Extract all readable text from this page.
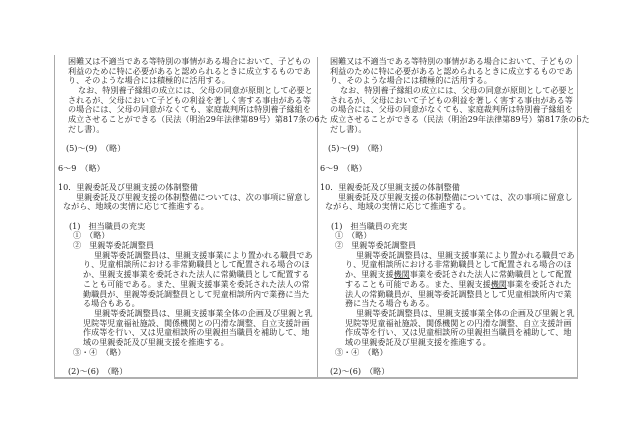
困難又は不適当である等特別の事情がある場合において、子どもの
利益のために特に必要があると認められるときに成立するものであ
り、そのような場合には積極的に活用する。
なお、特別養子縁組の成立には、父母の同意が原則として必要と
されるが、父母において子どもの利益を著しく害する事由がある等
の場合には、父母の同意がなくても、家庭裁判所は特別養子縁組を
成立させることができる（民法（明治29年法律第89号）第817条の6た
だし書）。
(5)～(9)　（略）
6～9　（略）
10．里親委託及び里親支援の体制整備
里親委託及び里親支援の体制整備については、次の事項に留意し
ながら、地域の実情に応じて推進する。
(1)　担当職員の充実
①　（略）
②　里親等委託調整員
里親等委託調整員は、里親支援事業により置かれる職員であ
り、児童相談所における非常勤職員として配置される場合のほ
か、里親支援事業を委託された法人に常勤職員として配置する
ことも可能である。また、里親支援事業を委託された法人の常
勤職員が、里親等委託調整員として児童相談所内で業務に当た
る場合もある。
里親等委託調整員は、里親支援事業全体の企画及び里親と乳
児院等児童福祉施設、関係機関との円滑な調整、自立支援計画
作成等を行い、又は児童相談所の里親担当職員を補助して、地
域の里親委託及び里親支援を推進する。
③・④　（略）
(2)～(6)　（略）
困難又は不適当である等特別の事情がある場合において、子どもの
利益のために特に必要があると認められるときに成立するものであ
り、そのような場合には積極的に活用する。
なお、特別養子縁組の成立には、父母の同意が原則として必要と
されるが、父母において子どもの利益を著しく害する事由がある等
の場合には、父母の同意がなくても、家庭裁判所は特別養子縁組を
成立させることができる（民法（明治29年法律第89号）第817条の6た
だし書）。
(5)～(9)　（略）
6～9　（略）
10．里親委託及び里親支援の体制整備
里親委託及び里親支援の体制整備については、次の事項に留意し
ながら、地域の実情に応じて推進する。
(1)　担当職員の充実
①　（略）
②　里親等委託調整員
里親等委託調整員は、里親支援事業により置かれる職員であ
り、児童相談所における非常勤職員として配置される場合のほ
か、里親支援機関事業を委託された法人に常勤職員として配置
することも可能である。また、里親支援機関事業を委託された
法人の常勤職員が、里親等委託調整員として児童相談所内で業
務に当たる場合もある。
里親等委託調整員は、里親支援事業全体の企画及び里親と乳
児院等児童福祉施設、関係機関との円滑な調整、自立支援計画
作成等を行い、又は児童相談所の里親担当職員を補助して、地
域の里親委託及び里親支援を推進する。
③・④　（略）
(2)～(6)　（略）
